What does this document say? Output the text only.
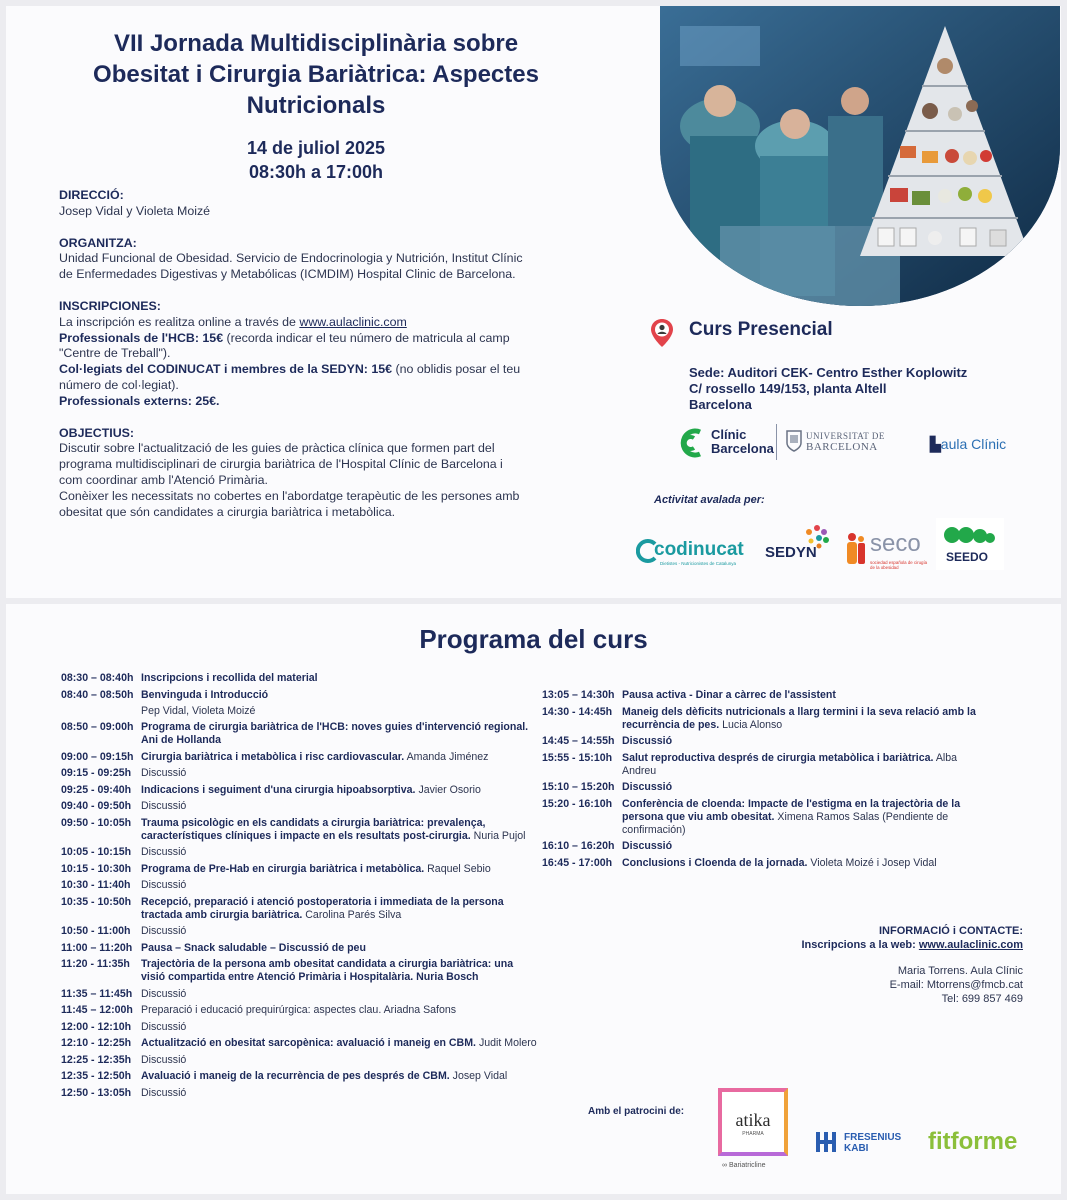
VII Jornada Multidisciplinària sobre
Obesitat i Cirurgia Bariàtrica: Aspectes
Nutricionals
14 de juliol 2025
08:30h a 17:00h
DIRECCIÓ:
Josep Vidal y Violeta Moizé
ORGANITZA:
Unidad Funcional de Obesidad. Servicio de Endocrinologia y Nutrición, Institut Clínic de Enfermedades Digestivas y Metabólicas (ICMDIM) Hospital Clinic de Barcelona.
INSCRIPCIONES:
La inscripción es realitza online a través de www.aulaclinic.com
Professionals de l'HCB: 15€ (recorda indicar el teu número de matricula al camp "Centre de Treball").
Col·legiats del CODINUCAT i membres de la SEDYN: 15€ (no oblidis posar el teu número de col·legiat).
Professionals externs: 25€.
OBJECTIUS:
Discutir sobre l'actualització de les guies de pràctica clínica que formen part del programa multidisciplinari de cirurgia bariàtrica de l'Hospital Clínic de Barcelona i com coordinar amb l'Atenció Primària.
Conèixer les necessitats no cobertes en l'abordatge terapèutic de les persones amb obesitat que són candidates a cirurgia bariàtrica i metabòlica.
Curs Presencial
Sede: Auditori CEK- Centro Esther Koplowitz
C/ rossello 149/153, planta Altell
Barcelona
Clínic
Barcelona
UNIVERSITAT DE
BARCELONA	▙aula Clínic
Activitat avalada per:
codinucat
Dietistes - Nutricionistes de Catalunya
SEDYN seco
sociedad española de cirugía de la obesidad
SEEDO
Programa del curs
08:30 – 08:40h Inscripcions i recollida del material
08:40 – 08:50h Benvinguda i Introducció
Pep Vidal, Violeta Moizé
08:50 – 09:00h Programa de cirurgia bariàtrica de l'HCB: noves guies d'intervenció regional. Ani de Hollanda
09:00 – 09:15h Cirurgia bariàtrica i metabòlica i risc cardiovascular. Amanda Jiménez
09:15 - 09:25h Discussió
09:25 - 09:40h Indicacions i seguiment d'una cirurgia hipoabsorptiva. Javier Osorio
09:40 - 09:50h Discussió
09:50 - 10:05h Trauma psicològic en els candidats a cirurgia bariàtrica: prevalença, característiques clíniques i impacte en els resultats post-cirurgia. Nuria Pujol
10:05 - 10:15h Discussió
10:15 - 10:30h Programa de Pre-Hab en cirurgia bariàtrica i metabòlica. Raquel Sebio
10:30 - 11:40h Discussió
10:35 - 10:50h Recepció, preparació i atenció postoperatoria i immediata de la persona tractada amb cirurgia bariàtrica. Carolina Parés Silva
10:50 - 11:00h Discussió
11:00 – 11:20h Pausa – Snack saludable – Discussió de peu
11:20 - 11:35h	Trajectòria de la persona amb obesitat candidata a cirurgia bariàtrica: una visió compartida entre Atenció Primària i Hospitalària. Nuria Bosch
11:35 – 11:45h Discussió
11:45 – 12:00h Preparació i educació prequirúrgica: aspectes clau. Ariadna Safons
12:00 - 12:10h Discussió
12:10 - 12:25h Actualització en obesitat sarcopènica: avaluació i maneig en CBM. Judit Molero
12:25 - 12:35h Discussió
12:35 - 12:50h Avaluació i maneig de la recurrència de pes després de CBM. Josep Vidal
12:50 - 13:05h Discussió
13:05 – 14:30h Pausa activa - Dinar a càrrec de l'assistent
14:30 - 14:45h Maneig dels dèficits nutricionals a llarg termini i la seva relació amb la recurrència de pes. Lucia Alonso
14:45 – 14:55h Discussió
15:55 - 15:10h Salut reproductiva després de cirurgia metabòlica i bariàtrica. Alba Andreu
15:10 – 15:20h Discussió
15:20 - 16:10h Conferència de cloenda: Impacte de l'estigma en la trajectòria de la persona que viu amb obesitat. Ximena Ramos Salas (Pendiente de confirmación)
16:10 – 16:20h Discussió
16:45 - 17:00h Conclusions i Cloenda de la jornada. Violeta Moizé i Josep Vidal
INFORMACIÓ i CONTACTE:
Inscripcions a la web: www.aulaclinic.com
Maria Torrens. Aula Clínic
E-mail: Mtorrens@fmcb.cat
Tel: 699 857 469
Amb el patrocini de:	atika
PHARMA
∞ Bariatricline
FRESENIUS
KABI	fitforme
